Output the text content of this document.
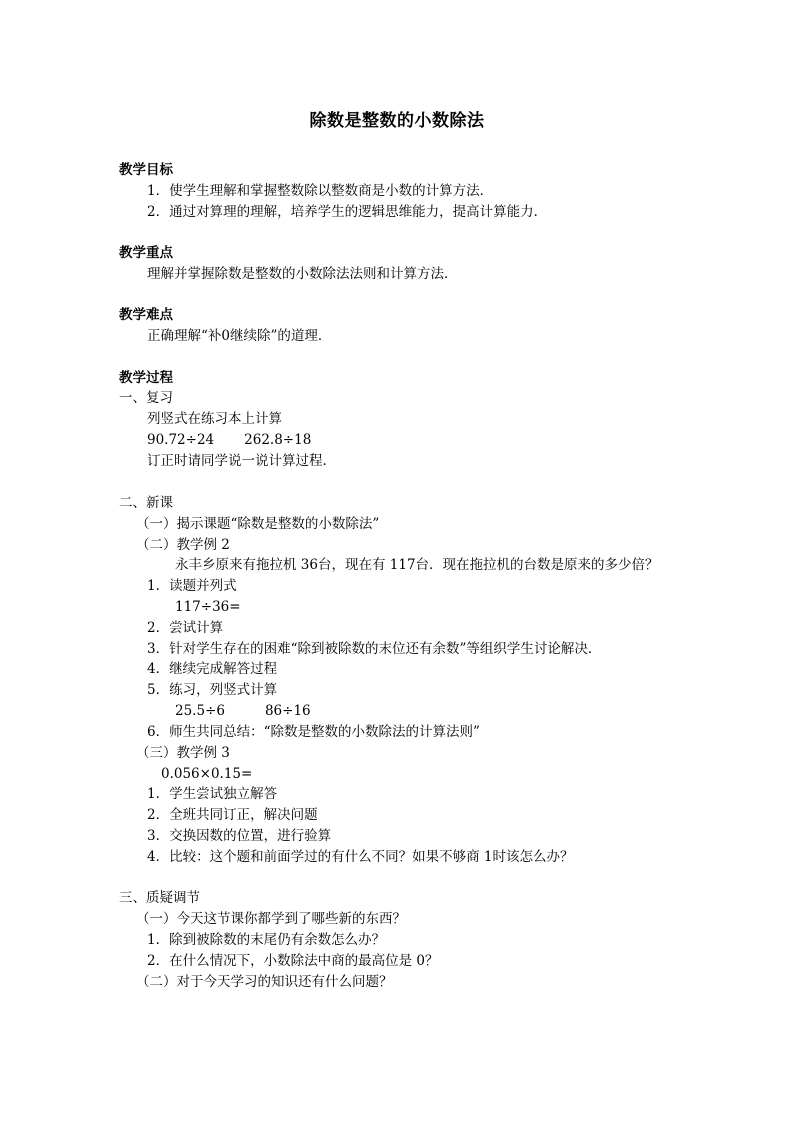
除数是整数的小数除法
教学目标
1．使学生理解和掌握整数除以整数商是小数的计算方法．
2．通过对算理的理解，培养学生的逻辑思维能力，提高计算能力．
教学重点
理解并掌握除数是整数的小数除法法则和计算方法．
教学难点
正确理解“补0继续除”的道理．
教学过程
一、复习
列竖式在练习本上计算
90.72÷24 262.8÷18
订正时请同学说一说计算过程．
二、新课
（一）揭示课题“除数是整数的小数除法”
（二）教学例 2
永丰乡原来有拖拉机 36台，现在有 117台．现在拖拉机的台数是原来的多少倍？
1．读题并列式
117÷36=
2．尝试计算
3．针对学生存在的困难“除到被除数的末位还有余数”等组织学生讨论解决．
4．继续完成解答过程
5．练习，列竖式计算
25.5÷6	86÷16
6．师生共同总结：“除数是整数的小数除法的计算法则”
（三）教学例 3
0.056×0.15=
1．学生尝试独立解答
2．全班共同订正，解决问题
3．交换因数的位置，进行验算
4．比较：这个题和前面学过的有什么不同？如果不够商 1时该怎么办？
三、质疑调节
（一）今天这节课你都学到了哪些新的东西？
1．除到被除数的末尾仍有余数怎么办？
2．在什么情况下，小数除法中商的最高位是 0？
（二）对于今天学习的知识还有什么问题？
